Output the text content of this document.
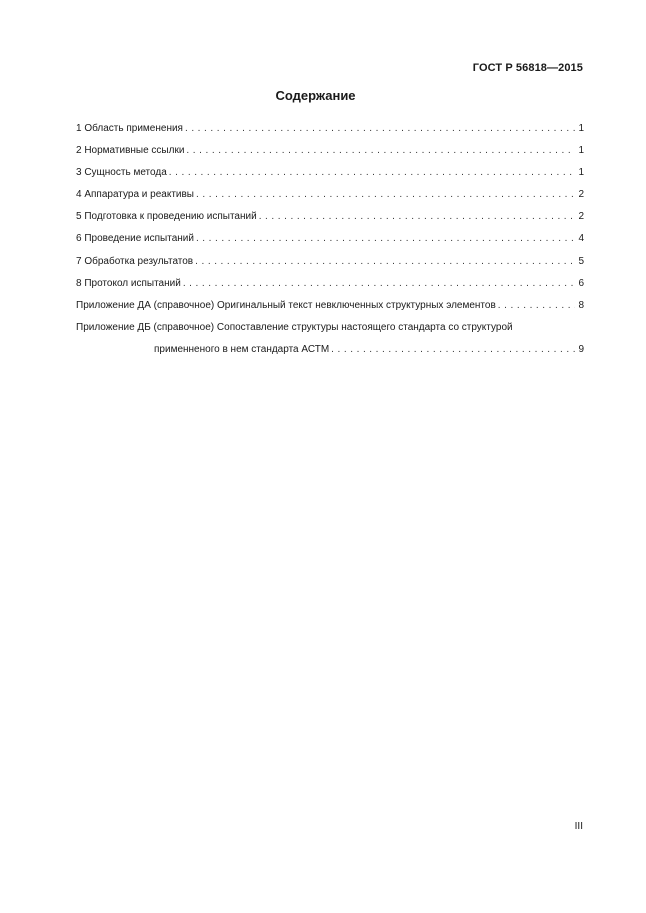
ГОСТ Р 56818—2015
Содержание
1 Область применения . . .	1
2 Нормативные ссылки . . .	1
3 Сущность метода . . .	1
4 Аппаратура и реактивы . . .	2
5 Подготовка к проведению испытаний . . .	2
6 Проведение испытаний . . .	4
7 Обработка результатов . . .	5
8 Протокол испытаний . . .	6
Приложение ДА (справочное) Оригинальный текст невключенных структурных элементов . . .	8
Приложение ДБ (справочное) Сопоставление структуры настоящего стандарта со структурой
применненого в нем стандарта АСТМ . . .	9
III
